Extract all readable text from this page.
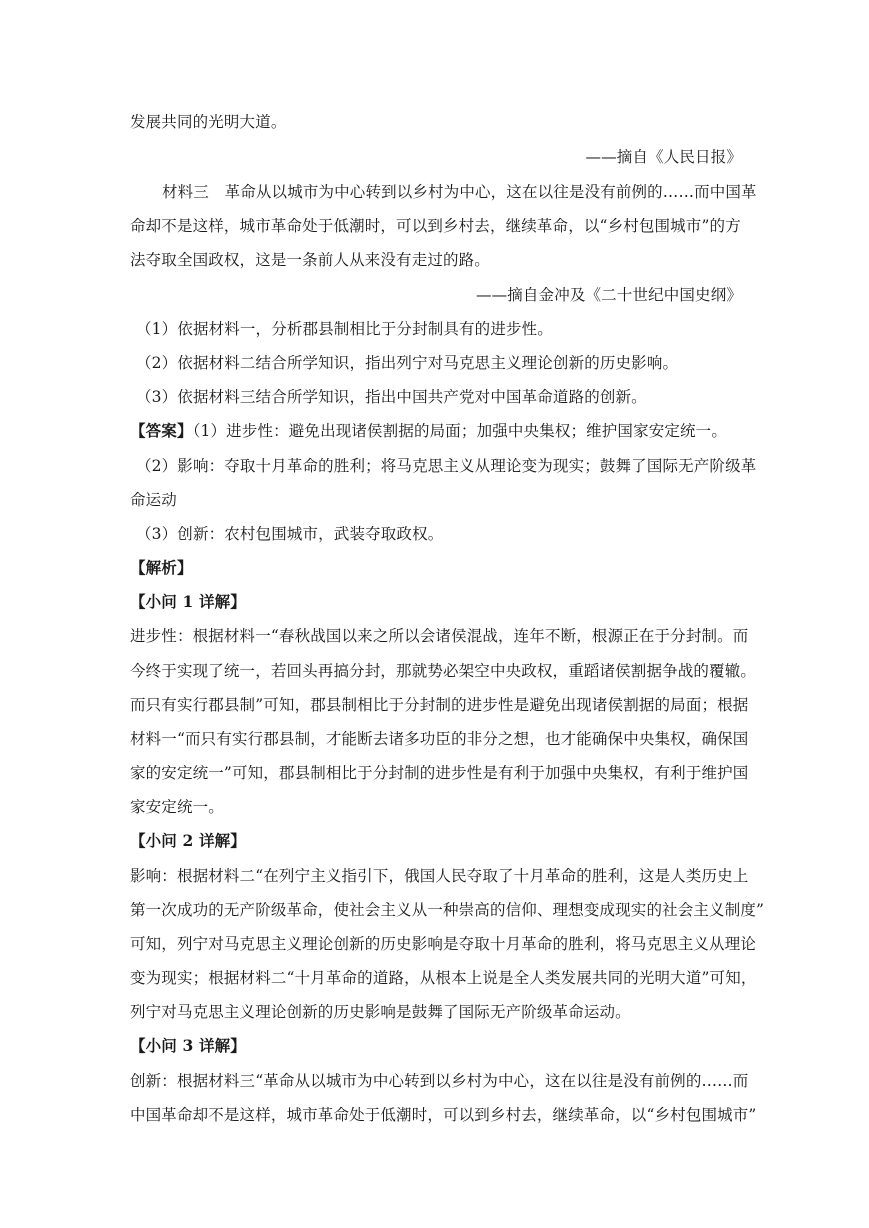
发展共同的光明大道。
——摘自《人民日报》
材料三　革命从以城市为中心转到以乡村为中心，这在以往是没有前例的……而中国革
命却不是这样，城市革命处于低潮时，可以到乡村去，继续革命，以“乡村包围城市”的方
法夺取全国政权，这是一条前人从来没有走过的路。
——摘自金冲及《二十世纪中国史纲》
（1）依据材料一，分析郡县制相比于分封制具有的进步性。
（2）依据材料二结合所学知识，指出列宁对马克思主义理论创新的历史影响。
（3）依据材料三结合所学知识，指出中国共产党对中国革命道路的创新。
【答案】（1）进步性：避免出现诸侯割据的局面；加强中央集权；维护国家安定统一。
（2）影响：夺取十月革命的胜利；将马克思主义从理论变为现实；鼓舞了国际无产阶级革
命运动
（3）创新：农村包围城市，武装夺取政权。
【解析】
【小问 1 详解】
进步性：根据材料一“春秋战国以来之所以会诸侯混战，连年不断，根源正在于分封制。而
今终于实现了统一，若回头再搞分封，那就势必架空中央政权，重蹈诸侯割据争战的覆辙。
而只有实行郡县制”可知，郡县制相比于分封制的进步性是避免出现诸侯割据的局面；根据
材料一“而只有实行郡县制，才能断去诸多功臣的非分之想，也才能确保中央集权，确保国
家的安定统一”可知，郡县制相比于分封制的进步性是有利于加强中央集权，有利于维护国
家安定统一。
【小问 2 详解】
影响：根据材料二“在列宁主义指引下，俄国人民夺取了十月革命的胜利，这是人类历史上
第一次成功的无产阶级革命，使社会主义从一种崇高的信仰、理想变成现实的社会主义制度”
可知，列宁对马克思主义理论创新的历史影响是夺取十月革命的胜利，将马克思主义从理论
变为现实；根据材料二“十月革命的道路，从根本上说是全人类发展共同的光明大道”可知，
列宁对马克思主义理论创新的历史影响是鼓舞了国际无产阶级革命运动。
【小问 3 详解】
创新：根据材料三“革命从以城市为中心转到以乡村为中心，这在以往是没有前例的……而
中国革命却不是这样，城市革命处于低潮时，可以到乡村去，继续革命，以“乡村包围城市”
